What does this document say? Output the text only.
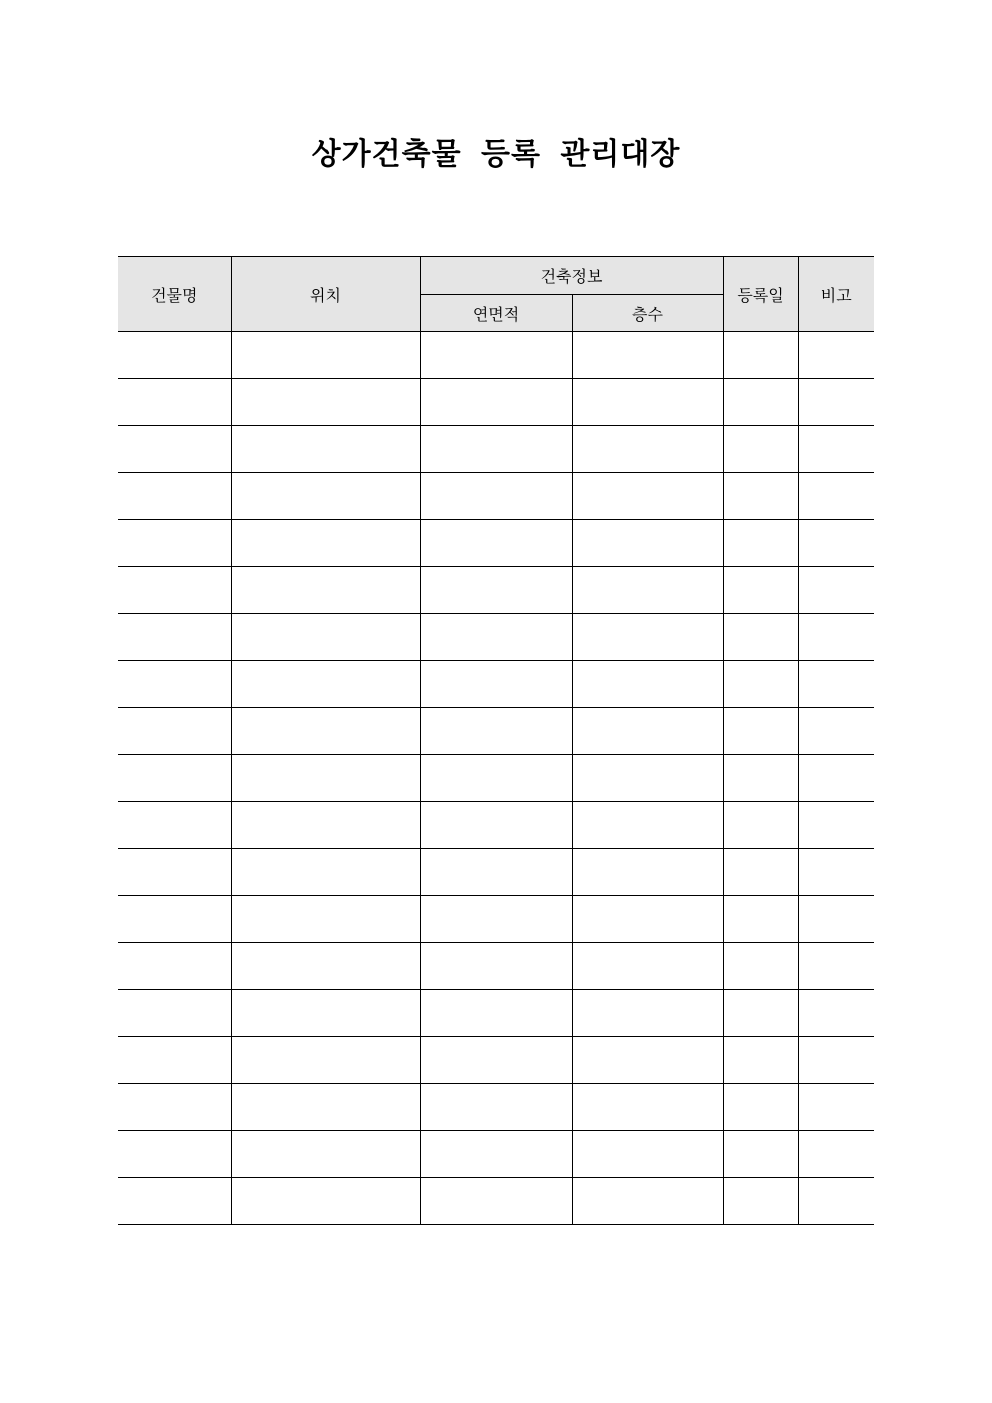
상가건축물 등록 관리대장
건물명	위치	건축정보		등록일	비고
		연면적	층수		
